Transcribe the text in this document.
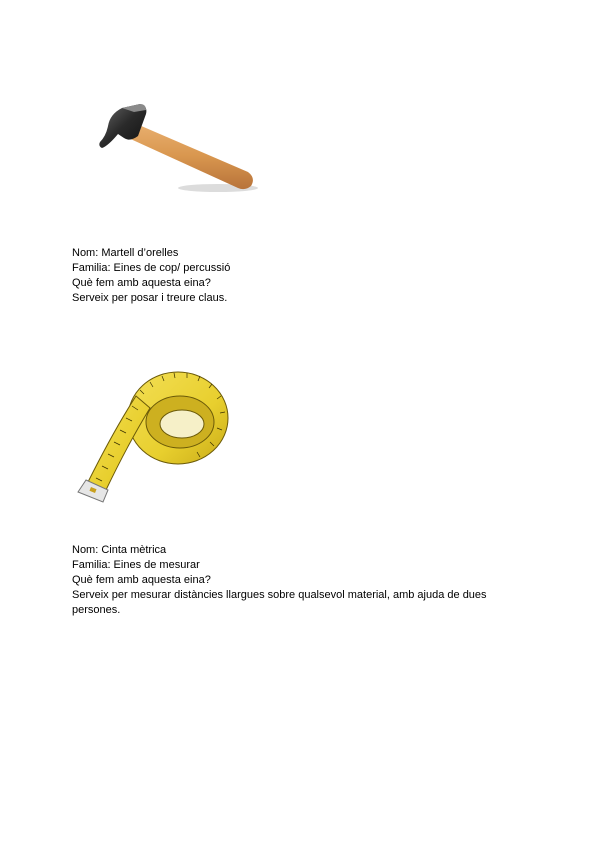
Nom: Martell d’orelles
Familia: Eines de cop/ percussió
Què fem amb aquesta eina?
Serveix per posar i treure claus.
Nom: Cinta mètrica
Familia: Eines de mesurar
Què fem amb aquesta eina?
Serveix per mesurar distàncies llargues sobre qualsevol material, amb ajuda de dues persones.
